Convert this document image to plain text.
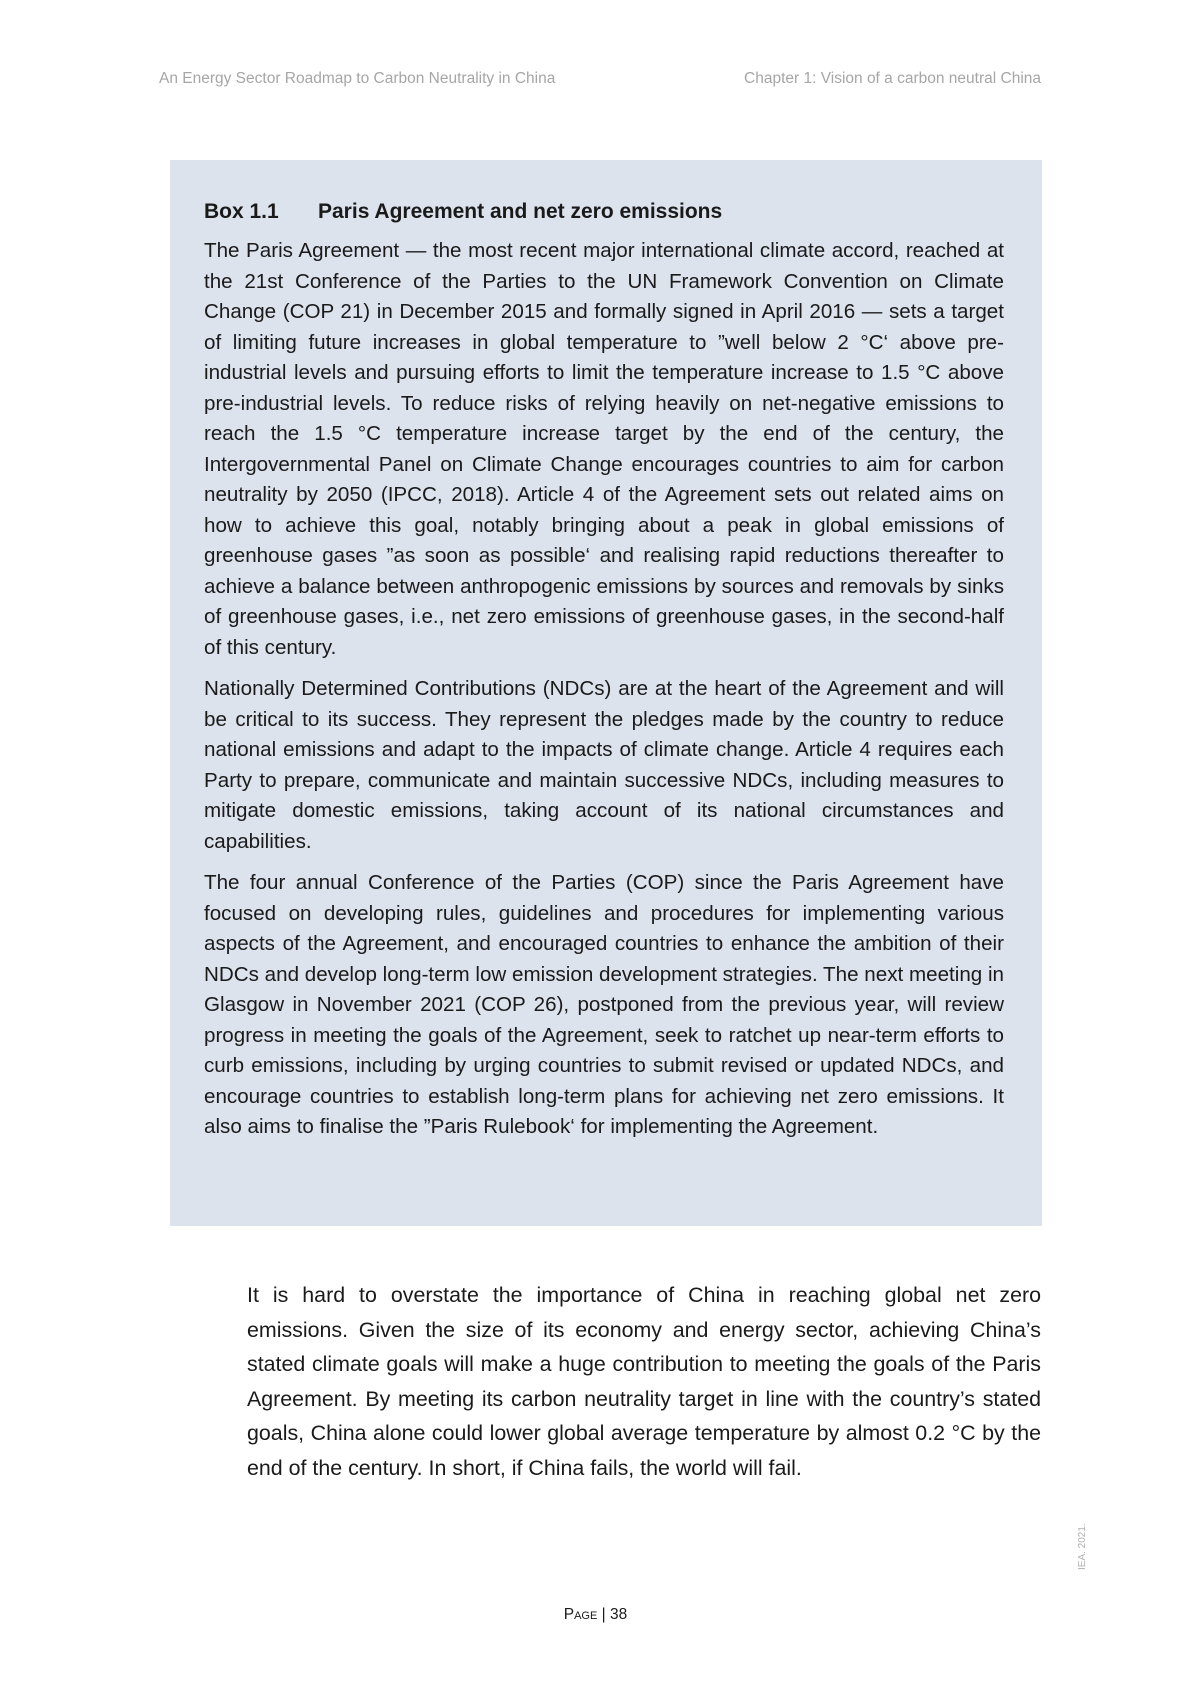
An Energy Sector Roadmap to Carbon Neutrality in China	Chapter 1: Vision of a carbon neutral China
Box 1.1 Paris Agreement and net zero emissions

The Paris Agreement — the most recent major international climate accord, reached at the 21st Conference of the Parties to the UN Framework Convention on Climate Change (COP 21) in December 2015 and formally signed in April 2016 — sets a target of limiting future increases in global temperature to ”well below 2 °C‘ above pre-industrial levels and pursuing efforts to limit the temperature increase to 1.5 °C above pre-industrial levels. To reduce risks of relying heavily on net-negative emissions to reach the 1.5 °C temperature increase target by the end of the century, the Intergovernmental Panel on Climate Change encourages countries to aim for carbon neutrality by 2050 (IPCC, 2018). Article 4 of the Agreement sets out related aims on how to achieve this goal, notably bringing about a peak in global emissions of greenhouse gases ”as soon as possible‘ and realising rapid reductions thereafter to achieve a balance between anthropogenic emissions by sources and removals by sinks of greenhouse gases, i.e., net zero emissions of greenhouse gases, in the second-half of this century.

Nationally Determined Contributions (NDCs) are at the heart of the Agreement and will be critical to its success. They represent the pledges made by the country to reduce national emissions and adapt to the impacts of climate change. Article 4 requires each Party to prepare, communicate and maintain successive NDCs, including measures to mitigate domestic emissions, taking account of its national circumstances and capabilities.

The four annual Conference of the Parties (COP) since the Paris Agreement have focused on developing rules, guidelines and procedures for implementing various aspects of the Agreement, and encouraged countries to enhance the ambition of their NDCs and develop long-term low emission development strategies. The next meeting in Glasgow in November 2021 (COP 26), postponed from the previous year, will review progress in meeting the goals of the Agreement, seek to ratchet up near-term efforts to curb emissions, including by urging countries to submit revised or updated NDCs, and encourage countries to establish long-term plans for achieving net zero emissions. It also aims to finalise the ”Paris Rulebook‘ for implementing the Agreement.

It is hard to overstate the importance of China in reaching global net zero emissions. Given the size of its economy and energy sector, achieving China’s stated climate goals will make a huge contribution to meeting the goals of the Paris Agreement. By meeting its carbon neutrality target in line with the country’s stated goals, China alone could lower global average temperature by almost 0.2 °C by the end of the century. In short, if China fails, the world will fail.

Page | 38
IEA. 2021.
